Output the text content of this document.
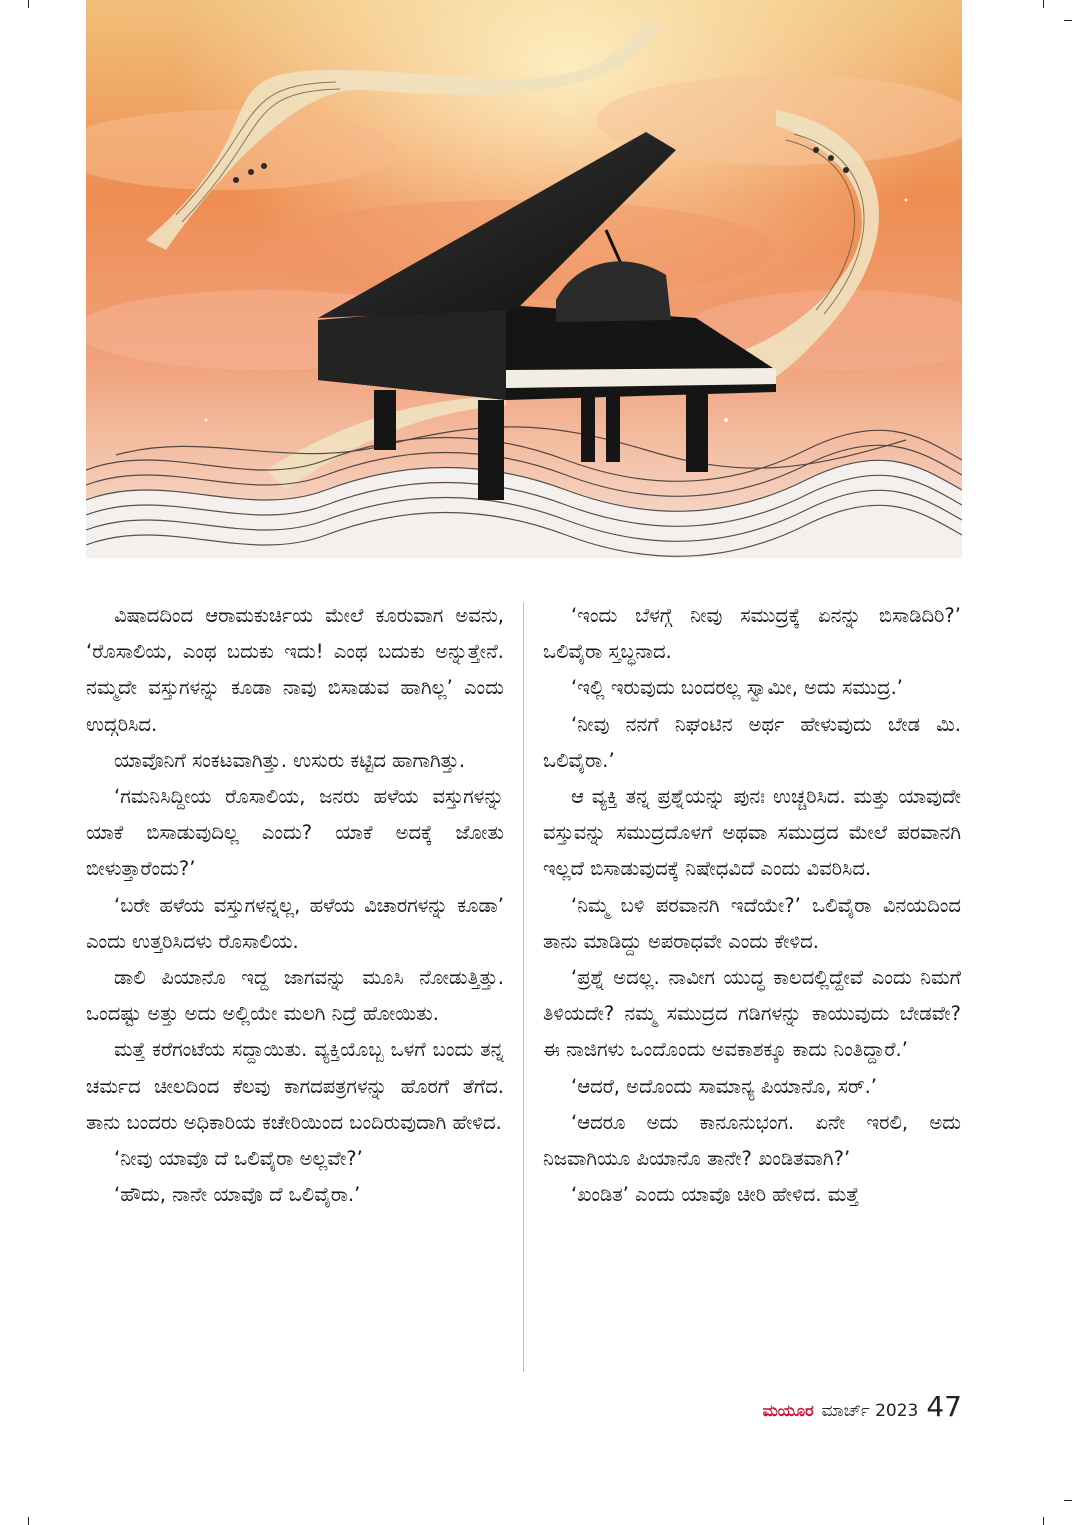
ವಿಷಾದದಿಂದ ಆರಾಮಕುರ್ಚಿಯ ಮೇಲೆ ಕೂರುವಾಗ ಅವನು, ‘ರೊಸಾಲಿಯ, ಎಂಥ ಬದುಕು ಇದು! ಎಂಥ ಬದುಕು ಅನ್ನುತ್ತೇನೆ. ನಮ್ಮದೇ ವಸ್ತುಗಳನ್ನು ಕೂಡಾ ನಾವು ಬಿಸಾಡುವ ಹಾಗಿಲ್ಲ’ ಎಂದು ಉದ್ಗರಿಸಿದ.

ಯಾವೊನಿಗೆ ಸಂಕಟವಾಗಿತ್ತು. ಉಸುರು ಕಟ್ಟಿದ ಹಾಗಾಗಿತ್ತು.

‘ಗಮನಿಸಿದ್ದೀಯ ರೊಸಾಲಿಯ, ಜನರು ಹಳೆಯ ವಸ್ತುಗಳನ್ನು ಯಾಕೆ ಬಿಸಾಡುವುದಿಲ್ಲ ಎಂದು? ಯಾಕೆ ಅದಕ್ಕೆ ಜೋತು ಬೀಳುತ್ತಾರೆಂದು?’

‘ಬರೇ ಹಳೆಯ ವಸ್ತುಗಳನ್ನಲ್ಲ, ಹಳೆಯ ವಿಚಾರಗಳನ್ನು ಕೂಡಾ’ ಎಂದು ಉತ್ತರಿಸಿದಳು ರೊಸಾಲಿಯ.

ಡಾಲಿ ಪಿಯಾನೊ ಇದ್ದ ಜಾಗವನ್ನು ಮೂಸಿ ನೋಡುತ್ತಿತ್ತು. ಒಂದಷ್ಟು ಅತ್ತು ಅದು ಅಲ್ಲಿಯೇ ಮಲಗಿ ನಿದ್ರೆ ಹೋಯಿತು.

ಮತ್ತೆ ಕರೆಗಂಟೆಯ ಸದ್ದಾಯಿತು. ವ್ಯಕ್ತಿಯೊಬ್ಬ ಒಳಗೆ ಬಂದು ತನ್ನ ಚರ್ಮದ ಚೀಲದಿಂದ ಕೆಲವು ಕಾಗದಪತ್ರಗಳನ್ನು ಹೊರಗೆ ತೆಗೆದ. ತಾನು ಬಂದರು ಅಧಿಕಾರಿಯ ಕಚೇರಿಯಿಂದ ಬಂದಿರುವುದಾಗಿ ಹೇಳಿದ.

‘ನೀವು ಯಾವೊ ದೆ ಒಲಿವೈರಾ ಅಲ್ಲವೇ?’

‘ಹೌದು, ನಾನೇ ಯಾವೊ ದೆ ಒಲಿವೈರಾ.’

‘ಇಂದು ಬೆಳಗ್ಗೆ ನೀವು ಸಮುದ್ರಕ್ಕೆ ಏನನ್ನು ಬಿಸಾಡಿದಿರಿ?’ ಒಲಿವೈರಾ ಸ್ತಬ್ಧನಾದ.

‘ಇಲ್ಲಿ ಇರುವುದು ಬಂದರಲ್ಲ ಸ್ವಾಮೀ, ಅದು ಸಮುದ್ರ.’

‘ನೀವು ನನಗೆ ನಿಘಂಟಿನ ಅರ್ಥ ಹೇಳುವುದು ಬೇಡ ಮಿ. ಒಲಿವೈರಾ.’

ಆ ವ್ಯಕ್ತಿ ತನ್ನ ಪ್ರಶ್ನೆಯನ್ನು ಪುನಃ ಉಚ್ಚರಿಸಿದ. ಮತ್ತು ಯಾವುದೇ ವಸ್ತುವನ್ನು ಸಮುದ್ರದೊಳಗೆ ಅಥವಾ ಸಮುದ್ರದ ಮೇಲೆ ಪರವಾನಗಿ ಇಲ್ಲದೆ ಬಿಸಾಡುವುದಕ್ಕೆ ನಿಷೇಧವಿದೆ ಎಂದು ವಿವರಿಸಿದ.

‘ನಿಮ್ಮ ಬಳಿ ಪರವಾನಗಿ ಇದೆಯೇ?’ ಒಲಿವೈರಾ ವಿನಯದಿಂದ ತಾನು ಮಾಡಿದ್ದು ಅಪರಾಧವೇ ಎಂದು ಕೇಳಿದ.

‘ಪ್ರಶ್ನೆ ಅದಲ್ಲ. ನಾವೀಗ ಯುದ್ಧ ಕಾಲದಲ್ಲಿದ್ದೇವೆ ಎಂದು ನಿಮಗೆ ತಿಳಿಯದೇ? ನಮ್ಮ ಸಮುದ್ರದ ಗಡಿಗಳನ್ನು ಕಾಯುವುದು ಬೇಡವೇ? ಈ ನಾಜಿಗಳು ಒಂದೊಂದು ಅವಕಾಶಕ್ಕೂ ಕಾದು ನಿಂತಿದ್ದಾರೆ.’

‘ಆದರೆ, ಅದೊಂದು ಸಾಮಾನ್ಯ ಪಿಯಾನೊ, ಸರ್.’

‘ಆದರೂ ಅದು ಕಾನೂನುಭಂಗ. ಏನೇ ಇರಲಿ, ಅದು ನಿಜವಾಗಿಯೂ ಪಿಯಾನೊ ತಾನೇ? ಖಂಡಿತವಾಗಿ?’

‘ಖಂಡಿತ’ ಎಂದು ಯಾವೊ ಚೀರಿ ಹೇಳಿದ. ಮತ್ತೆ

ಮಯೂರ ಮಾರ್ಚ್ 2023 47
